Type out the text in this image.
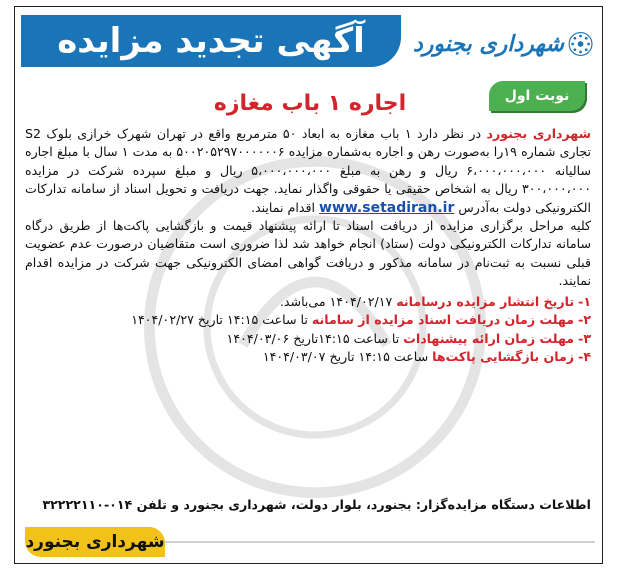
آگهی تجدید مزایده شهرداری بجنورد
نوبت اول
اجاره ۱ باب مغازه

شهرداری بجنورد در نظر دارد ۱ باب مغازه به ابعاد ۵۰ مترمربع واقع در تهران شهرک خرازی بلوک S2 تجاری شماره ۱۹را به‌صورت رهن و اجاره به‌شماره مزایده ۵۰۰۲۰۵۲۹۷۰۰۰۰۰۰۶ به مدت ۱ سال با مبلغ اجاره سالیانه ۶،۰۰۰،۰۰۰،۰۰۰ ریال و رهن به مبلغ ۵،۰۰۰،۰۰۰،۰۰۰ ریال و مبلغ سپرده شرکت در مزایده ۳۰۰،۰۰۰،۰۰۰ ریال به اشخاص حقیقی یا حقوقی واگذار نماید. جهت دریافت و تحویل اسناد از سامانه تدارکات الکترونیکی دولت به‌آدرس www.setadiran.ir اقدام نمایند.

کلیه مراحل برگزاری مزایده از دریافت اسناد تا ارائه پیشنهاد قیمت و بازگشایی پاکت‌ها از طریق درگاه سامانه تدارکات الکترونیکی دولت (ستاد) انجام خواهد شد لذا ضروری است متقاضیان درصورت عدم عضویت قبلی نسبت به ثبت‌نام در سامانه مذکور و دریافت گواهی امضای الکترونیکی جهت شرکت در مزایده اقدام نمایند.

۱- تاریخ انتشار مزایده درسامانه ۱۴۰۴/۰۲/۱۷ می‌باشد.

۲- مهلت زمان دریافت اسناد مزایده از سامانه تا ساعت ۱۴:۱۵ تاریخ ۱۴۰۴/۰۲/۲۷

۳- مهلت زمان ارائه پیشنهادات تا ساعت ۱۴:۱۵تاریخ ۱۴۰۴/۰۳/۰۶

۴- زمان بازگشایی پاکت‌ها ساعت ۱۴:۱۵ تاریخ ۱۴۰۴/۰۳/۰۷

اطلاعات دستگاه مزایده‌گزار: بجنورد، بلوار دولت، شهرداری بجنورد و تلفن ۰۱۴-۳۲۲۲۲۱۱۰
شهرداری بجنورد
